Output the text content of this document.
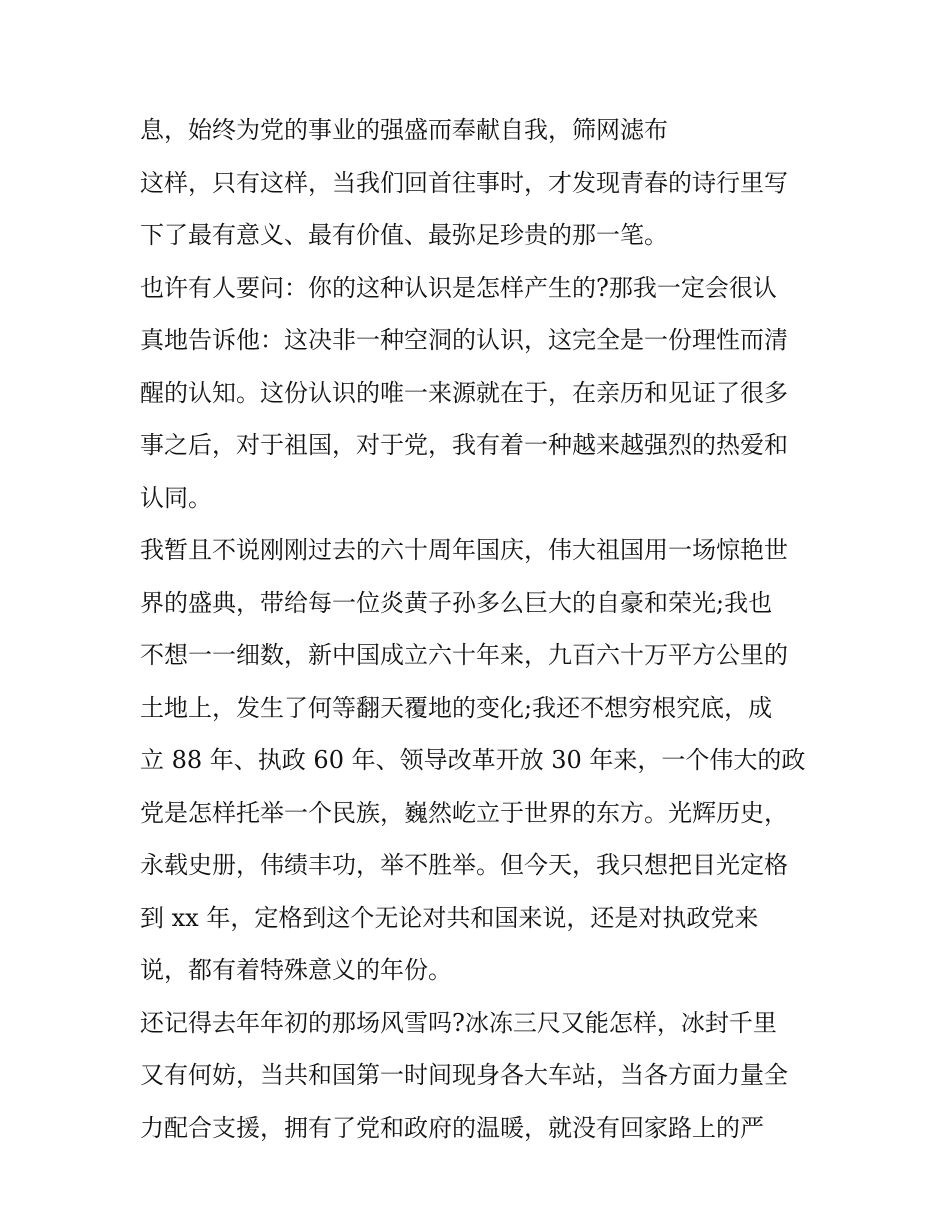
息，始终为党的事业的强盛而奉献自我，筛网滤布
这样，只有这样，当我们回首往事时，才发现青春的诗行里写
下了最有意义、最有价值、最弥足珍贵的那一笔。
也许有人要问：你的这种认识是怎样产生的?那我一定会很认
真地告诉他：这决非一种空洞的认识，这完全是一份理性而清
醒的认知。这份认识的唯一来源就在于，在亲历和见证了很多
事之后，对于祖国，对于党，我有着一种越来越强烈的热爱和
认同。
我暂且不说刚刚过去的六十周年国庆，伟大祖国用一场惊艳世
界的盛典，带给每一位炎黄子孙多么巨大的自豪和荣光;我也
不想一一细数，新中国成立六十年来，九百六十万平方公里的
土地上，发生了何等翻天覆地的变化;我还不想穷根究底，成
立 88 年、执政 60 年、领导改革开放 30 年来，一个伟大的政
党是怎样托举一个民族，巍然屹立于世界的东方。光辉历史，
永载史册，伟绩丰功，举不胜举。但今天，我只想把目光定格
到 xx 年，定格到这个无论对共和国来说，还是对执政党来
说，都有着特殊意义的年份。
还记得去年年初的那场风雪吗?冰冻三尺又能怎样，冰封千里
又有何妨，当共和国第一时间现身各大车站，当各方面力量全
力配合支援，拥有了党和政府的温暖，就没有回家路上的严
